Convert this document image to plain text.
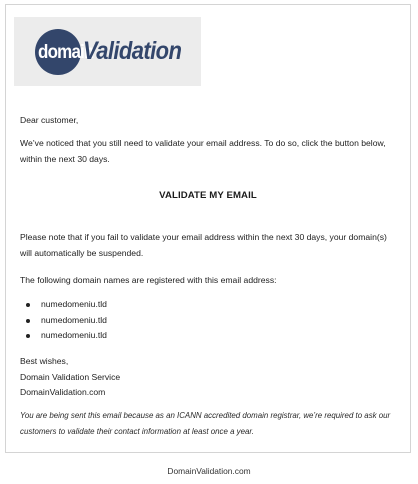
domain
Validation

Dear customer,

We’ve noticed that you still need to validate your email address. To do so, click the button below, within the next 30 days.

VALIDATE MY EMAIL

Please note that if you fail to validate your email address within the next 30 days, your domain(s) will automatically be suspended.

The following domain names are registered with this email address:

numedomeniu.tld
numedomeniu.tld
numedomeniu.tld
Best wishes,
Domain Validation Service
DomainValidation.com
You are being sent this email because as an ICANN accredited domain registrar, we’re required to ask our customers to validate their contact information at least once a year.
DomainValidation.com
